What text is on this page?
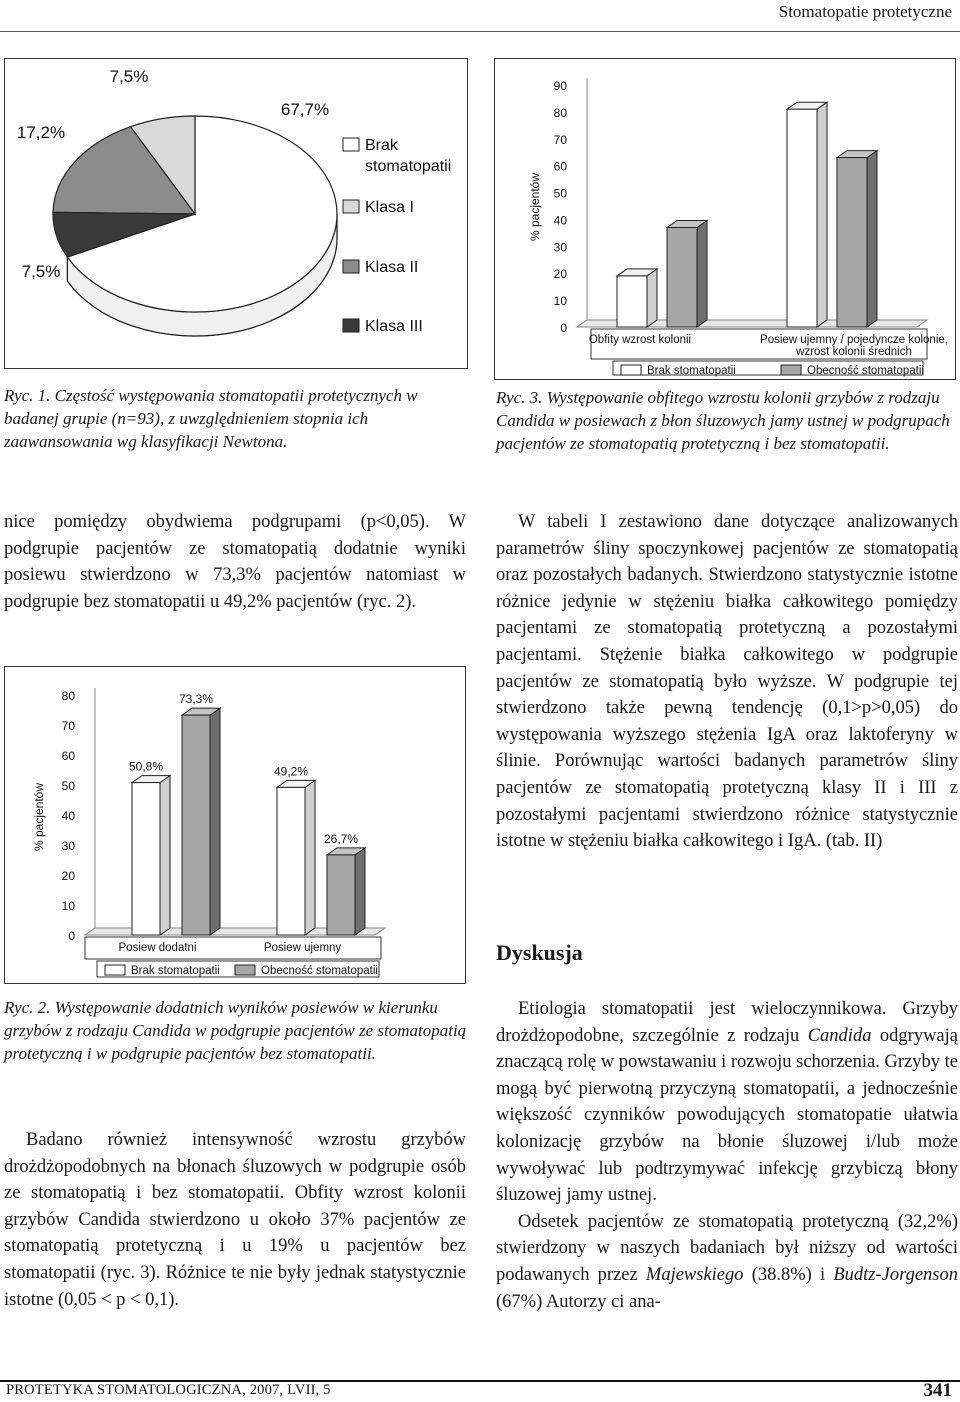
Stomatopatie protetyczne
67,7%
7,5%
17,2%
7,5%
Brak
stomatopatii
Klasa I
Klasa II
Klasa III
Ryc. 1. Częstość występowania stomatopatii protetycznych w badanej grupie (n=93), z uwzględnieniem stopnia ich zaawansowania wg klasyfikacji Newtona.
0
10
20
30
40
50
60
70
80
90
% pacjentów
Obfity wzrost kolonii	Posiew ujemny / pojedyncze kolonie,
wzrost kolonii średnich
Brak stomatopatii	Obecność stomatopatii
Ryc. 3. Występowanie obfitego wzrostu kolonii grzybów z rodzaju Candida w posiewach z błon śluzowych jamy ustnej w podgrupach pacjentów ze stomatopatią protetyczną i bez stomatopatii.

nice pomiędzy obydwiema podgrupami (p<0,05). W podgrupie pacjentów ze stomatopatią dodatnie wyniki posiewu stwierdzono w 73,3% pacjentów natomiast w podgrupie bez stomatopatii u 49,2% pacjentów (ryc. 2).

0
10
20
30
40
50
60
70
80
% pacjentów
50,8%
73,3%
49,2%
26,7%
Posiew dodatni	Posiew ujemny
Brak stomatopatii	Obecność stomatopatii
Ryc. 2. Występowanie dodatnich wyników posiewów w kierunku grzybów z rodzaju Candida w podgrupie pacjentów ze stomatopatią protetyczną i w podgrupie pacjentów bez stomatopatii.

Badano również intensywność wzrostu grzybów drożdżopodobnych na błonach śluzowych w podgrupie osób ze stomatopatią i bez stomatopatii. Obfity wzrost kolonii grzybów Candida stwierdzono u około 37% pacjentów ze stomatopatią protetyczną i u 19% u pacjentów bez stomatopatii (ryc. 3). Różnice te nie były jednak statystycznie istotne (0,05 < p < 0,1).

W tabeli I zestawiono dane dotyczące analizowanych parametrów śliny spoczynkowej pacjentów ze stomatopatią oraz pozostałych badanych. Stwierdzono statystycznie istotne różnice jedynie w stężeniu białka całkowitego pomiędzy pacjentami ze stomatopatią protetyczną a pozostałymi pacjentami. Stężenie białka całkowitego w podgrupie pacjentów ze stomatopatią było wyższe. W podgrupie tej stwierdzono także pewną tendencję (0,1>p>0,05) do występowania wyższego stężenia IgA oraz laktoferyny w ślinie. Porównując wartości badanych parametrów śliny pacjentów ze stomatopatią protetyczną klasy II i III z pozostałymi pacjentami stwierdzono różnice statystycznie istotne w stężeniu białka całkowitego i IgA. (tab. II)

Dyskusja

Etiologia stomatopatii jest wieloczynnikowa. Grzyby drożdżopodobne, szczególnie z rodzaju Candida odgrywają znaczącą rolę w powstawaniu i rozwoju schorzenia. Grzyby te mogą być pierwotną przyczyną stomatopatii, a jednocześnie większość czynników powodujących stomatopatie ułatwia kolonizację grzybów na błonie śluzowej i/lub może wywoływać lub podtrzymywać infekcję grzybiczą błony śluzowej jamy ustnej.

Odsetek pacjentów ze stomatopatią protetyczną (32,2%) stwierdzony w naszych badaniach był niższy od wartości podawanych przez Majewskiego (38.8%) i Budtz-Jorgenson (67%) Autorzy ci ana-

PROTETYKA STOMATOLOGICZNA, 2007, LVII, 5	341
